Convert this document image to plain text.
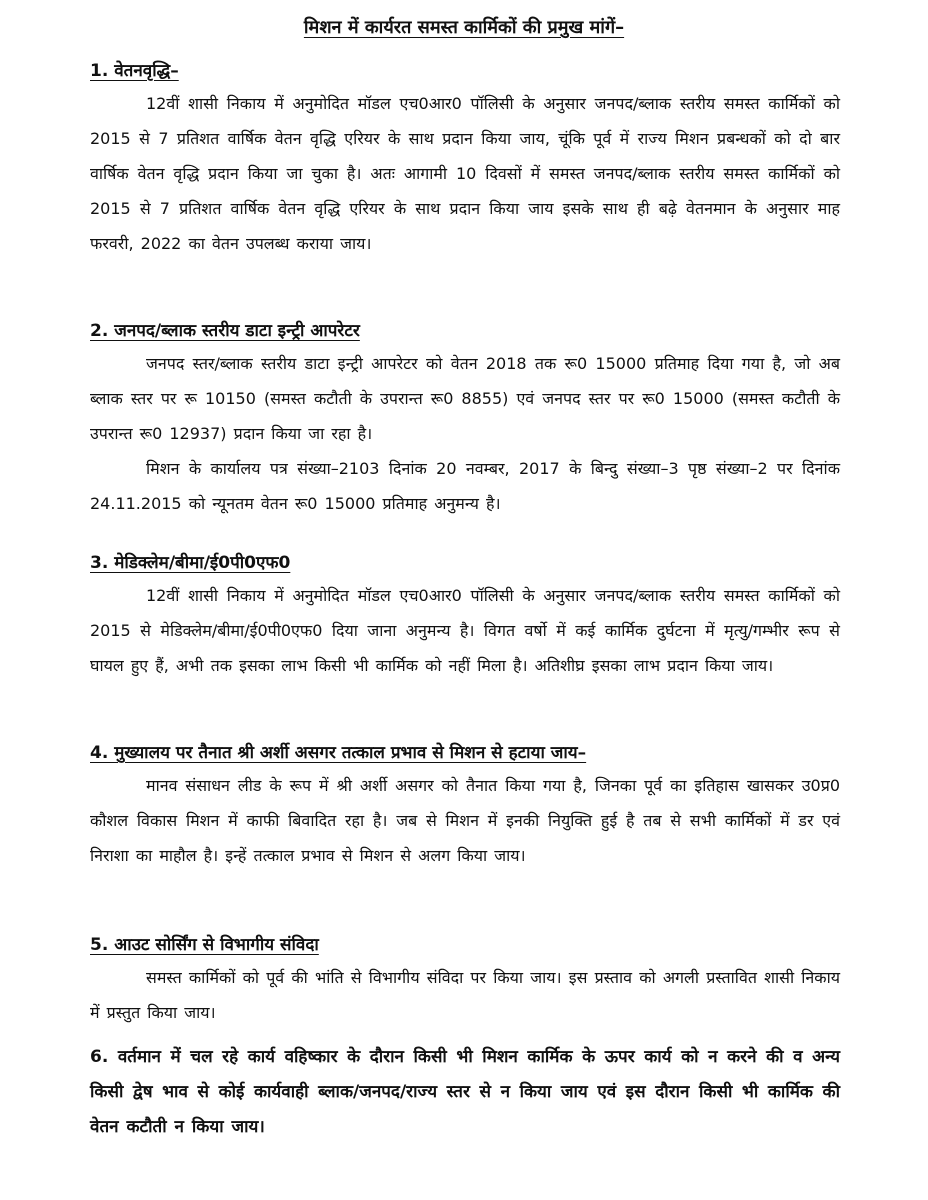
मिशन में कार्यरत समस्त कार्मिकों की प्रमुख मांगें–

1. वेतनवृद्धि–

12वीं शासी निकाय में अनुमोदित मॉडल एच0आर0 पॉलिसी के अनुसार जनपद/ब्लाक स्तरीय समस्त कार्मिकों को 2015 से 7 प्रतिशत वार्षिक वेतन वृद्धि एरियर के साथ प्रदान किया जाय, चूंकि पूर्व में राज्य मिशन प्रबन्धकों को दो बार वार्षिक वेतन वृद्धि प्रदान किया जा चुका है। अतः आगामी 10 दिवसों में समस्त जनपद/ब्लाक स्तरीय समस्त कार्मिकों को 2015 से 7 प्रतिशत वार्षिक वेतन वृद्धि एरियर के साथ प्रदान किया जाय इसके साथ ही बढ़े वेतनमान के अनुसार माह फरवरी, 2022 का वेतन उपलब्ध कराया जाय।

2. जनपद/ब्लाक स्तरीय डाटा इन्ट्री आपरेटर

जनपद स्तर/ब्लाक स्तरीय डाटा इन्ट्री आपरेटर को वेतन 2018 तक रू0 15000 प्रतिमाह दिया गया है, जो अब ब्लाक स्तर पर रू 10150 (समस्त कटौती के उपरान्त रू0 8855) एवं जनपद स्तर पर रू0 15000 (समस्त कटौती के उपरान्त रू0 12937) प्रदान किया जा रहा है।

मिशन के कार्यालय पत्र संख्या–2103 दिनांक 20 नवम्बर, 2017 के बिन्दु संख्या–3 पृष्ठ संख्या–2 पर दिनांक 24.11.2015 को न्यूनतम वेतन रू0 15000 प्रतिमाह अनुमन्य है।

3. मेडिक्लेम/बीमा/ई0पी0एफ0

12वीं शासी निकाय में अनुमोदित मॉडल एच0आर0 पॉलिसी के अनुसार जनपद/ब्लाक स्तरीय समस्त कार्मिकों को 2015 से मेडिक्लेम/बीमा/ई0पी0एफ0 दिया जाना अनुमन्य है। विगत वर्षो में कई कार्मिक दुर्घटना में मृत्यु/गम्भीर रूप से घायल हुए हैं, अभी तक इसका लाभ किसी भी कार्मिक को नहीं मिला है। अतिशीघ्र इसका लाभ प्रदान किया जाय।

4. मुख्यालय पर तैनात श्री अर्शी असगर तत्काल प्रभाव से मिशन से हटाया जाय–

मानव संसाधन लीड के रूप में श्री अर्शी असगर को तैनात किया गया है, जिनका पूर्व का इतिहास खासकर उ0प्र0 कौशल विकास मिशन में काफी बिवादित रहा है। जब से मिशन में इनकी नियुक्ति हुई है तब से सभी कार्मिकों में डर एवं निराशा का माहौल है। इन्हें तत्काल प्रभाव से मिशन से अलग किया जाय।

5. आउट सोर्सिंग से विभागीय संविदा

समस्त कार्मिकों को पूर्व की भांति से विभागीय संविदा पर किया जाय। इस प्रस्ताव को अगली प्रस्तावित शासी निकाय में प्रस्तुत किया जाय।

6. वर्तमान में चल रहे कार्य वहिष्कार के दौरान किसी भी मिशन कार्मिक के ऊपर कार्य को न करने की व अन्य किसी द्वेष भाव से कोई कार्यवाही ब्लाक/जनपद/राज्य स्तर से न किया जाय एवं इस दौरान किसी भी कार्मिक की वेतन कटौती न किया जाय।
